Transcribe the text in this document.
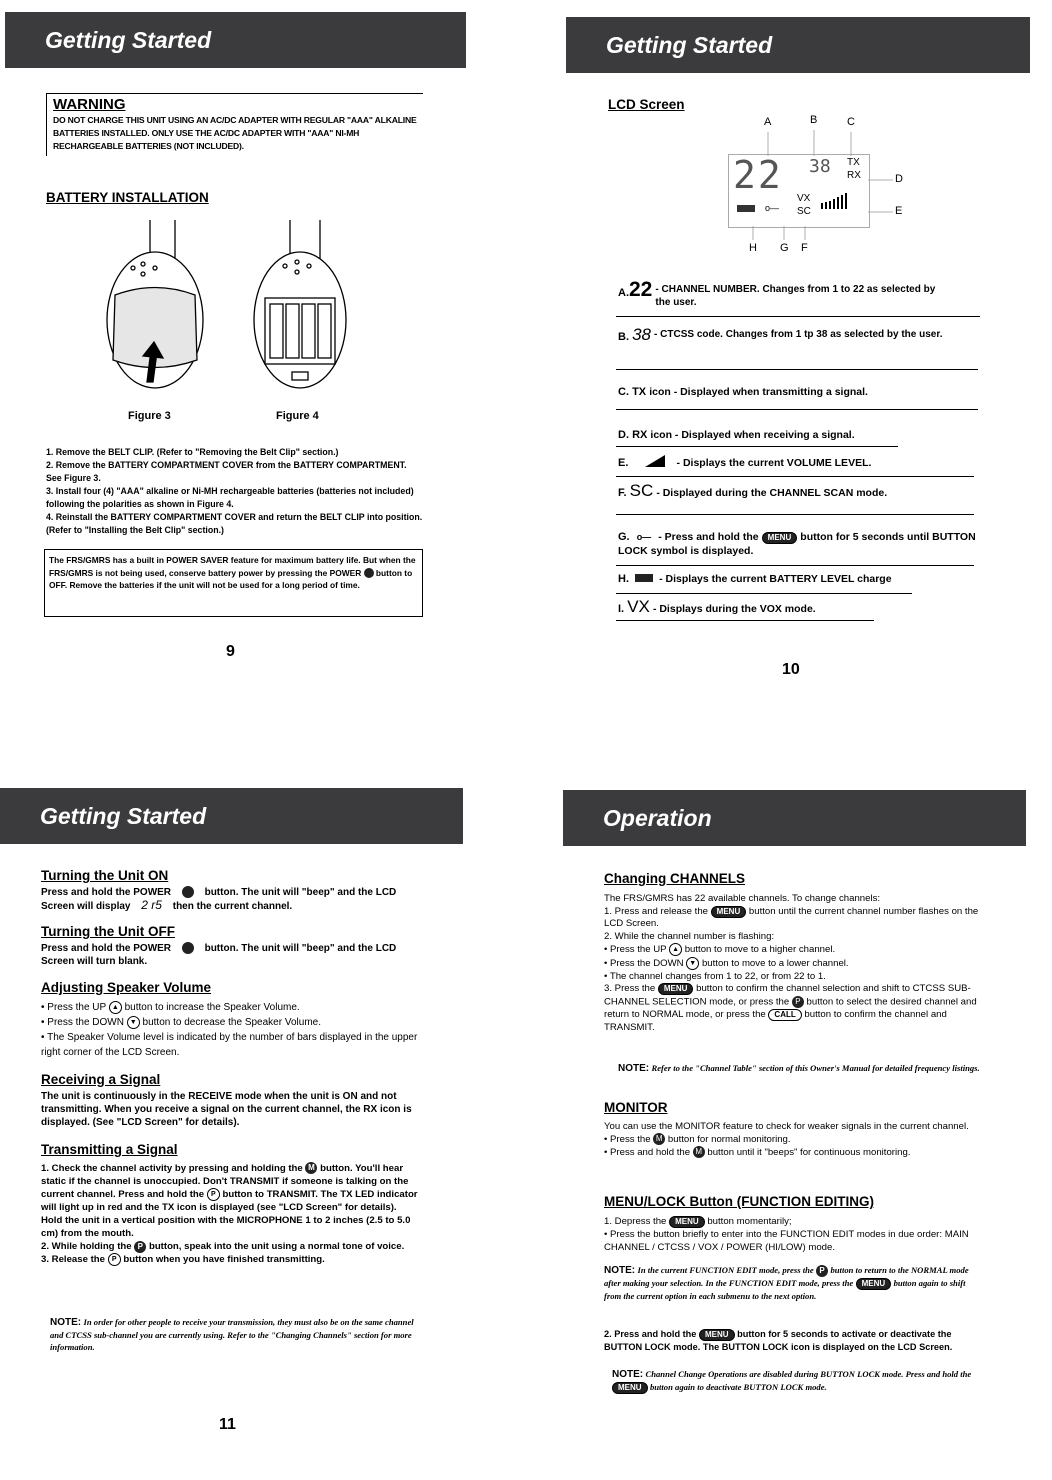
Getting Started
WARNING
DO NOT CHARGE THIS UNIT USING AN AC/DC ADAPTER WITH REGULAR "AAA" ALKALINE BATTERIES INSTALLED. ONLY USE THE AC/DC ADAPTER WITH "AAA" NI-MH RECHARGEABLE BATTERIES (NOT INCLUDED).
BATTERY INSTALLATION
Figure 3	Figure 4
1. Remove the BELT CLIP. (Refer to "Removing the Belt Clip" section.)
2. Remove the BATTERY COMPARTMENT COVER from the BATTERY COMPARTMENT. See Figure 3.
3. Install four (4) "AAA" alkaline or Ni-MH rechargeable batteries (batteries not included) following the polarities as shown in Figure 4.
4. Reinstall the BATTERY COMPARTMENT COVER and return the BELT CLIP into position. (Refer to "Installing the Belt Clip" section.)
The FRS/GMRS has a built in POWER SAVER feature for maximum battery life. But when the FRS/GMRS is not being used, conserve battery power by pressing the POWER button to OFF. Remove the batteries if the unit will not be used for a long period of time.
9
Getting Started
LCD Screen
A	B	C
D
E
H G F
22 38 TX
RX
VX
SC
o—
A.22 - CHANNEL NUMBER. Changes from 1 to 22 as selected by the user.
B. 38 - CTCSS code. Changes from 1 tp 38 as selected by the user.
C. TX icon - Displayed when transmitting a signal.
D. RX icon - Displayed when receiving a signal.
E.	- Displays the current VOLUME LEVEL.
F. SC - Displayed during the CHANNEL SCAN mode.
G. o— - Press and hold the MENU button for 5 seconds until BUTTON LOCK symbol is displayed.
H.	- Displays the current BATTERY LEVEL charge
I. VX - Displays during the VOX mode.
10
Getting Started
Turning the Unit ON
Press and hold the POWER	button. The unit will "beep" and the LCD Screen will display 2 r5 then the current channel.
Turning the Unit OFF
Press and hold the POWER	button. The unit will "beep" and the LCD Screen will turn blank.
Adjusting Speaker Volume
• Press the UP ▲ button to increase the Speaker Volume.
• Press the DOWN ▼ button to decrease the Speaker Volume.
• The Speaker Volume level is indicated by the number of bars displayed in the upper right corner of the LCD Screen.
Receiving a Signal
The unit is continuously in the RECEIVE mode when the unit is ON and not transmitting. When you receive a signal on the current channel, the RX icon is displayed. (See "LCD Screen" for details).
Transmitting a Signal
1. Check the channel activity by pressing and holding the M button. You'll hear static if the channel is unoccupied. Don't TRANSMIT if someone is talking on the current channel. Press and hold the P button to TRANSMIT. The TX LED indicator will light up in red and the TX icon is displayed (see "LCD Screen" for details). Hold the unit in a vertical position with the MICROPHONE 1 to 2 inches (2.5 to 5.0 cm) from the mouth.
2. While holding the P button, speak into the unit using a normal tone of voice.
3. Release the P button when you have finished transmitting.
NOTE: In order for other people to receive your transmission, they must also be on the same channel and CTCSS sub-channel you are currently using. Refer to the "Changing Channels" section for more information.
11
Operation
Changing CHANNELS
The FRS/GMRS has 22 available channels. To change channels:
1. Press and release the MENU button until the current channel number flashes on the LCD Screen.
2. While the channel number is flashing:
• Press the UP ▲ button to move to a higher channel.
• Press the DOWN ▼ button to move to a lower channel.
• The channel changes from 1 to 22, or from 22 to 1.
3. Press the MENU button to confirm the channel selection and shift to CTCSS SUB-CHANNEL SELECTION mode, or press the P button to select the desired channel and return to NORMAL mode, or press the CALL button to confirm the channel and TRANSMIT.
NOTE: Refer to the "Channel Table" section of this Owner's Manual for detailed frequency listings.
MONITOR
You can use the MONITOR feature to check for weaker signals in the current channel.
• Press the M button for normal monitoring.
• Press and hold the M button until it "beeps" for continuous monitoring.
MENU/LOCK Button (FUNCTION EDITING)
1. Depress the MENU button momentarily;
• Press the button briefly to enter into the FUNCTION EDIT modes in due order: MAIN CHANNEL / CTCSS / VOX / POWER (HI/LOW) mode.
NOTE: In the current FUNCTION EDIT mode, press the P button to return to the NORMAL mode after making your selection. In the FUNCTION EDIT mode, press the MENU button again to shift from the current option in each submenu to the next option.
2. Press and hold the MENU button for 5 seconds to activate or deactivate the BUTTON LOCK mode. The BUTTON LOCK icon is displayed on the LCD Screen.
NOTE: Channel Change Operations are disabled during BUTTON LOCK mode. Press and hold the MENU button again to deactivate BUTTON LOCK mode.
